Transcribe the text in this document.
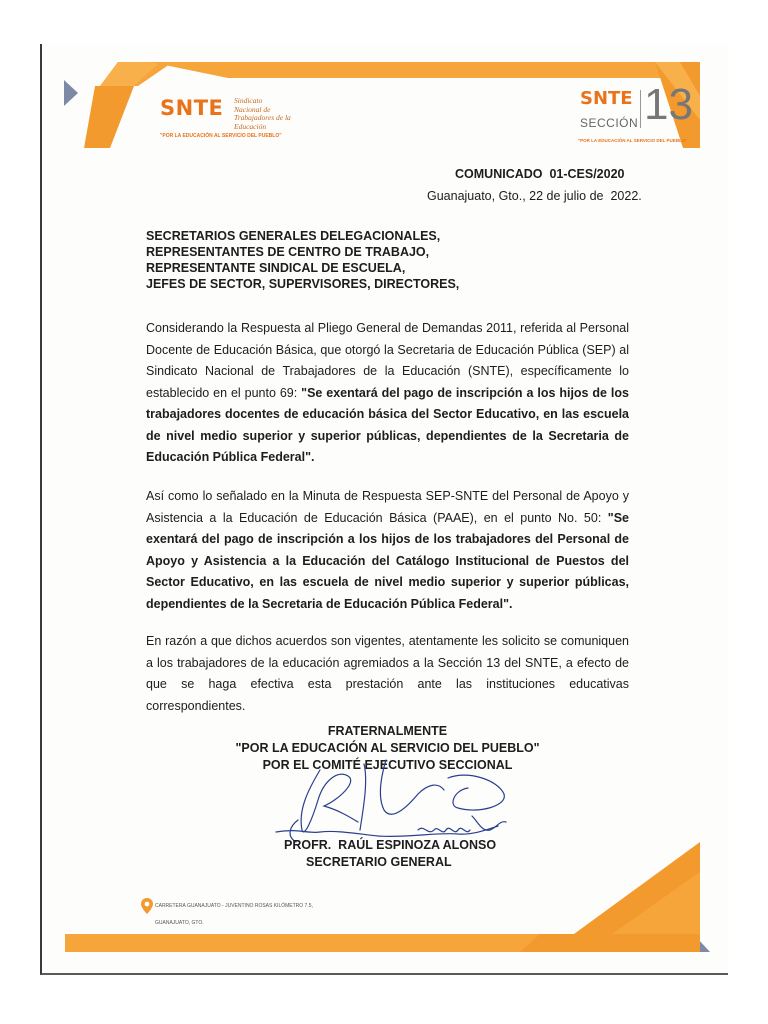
SNTE Sindicato
Nacional de
Trabajadores de la
Educación
"POR LA EDUCACIÓN AL SERVICIO DEL PUEBLO"
SNTE
SECCIÓN 13
"POR LA EDUCACIÓN AL SERVICIO DEL PUEBLO"
COMUNICADO  01-CES/2020
Guanajuato, Gto., 22 de julio de  2022.
SECRETARIOS GENERALES DELEGACIONALES,
REPRESENTANTES DE CENTRO DE TRABAJO,
REPRESENTANTE SINDICAL DE ESCUELA,
JEFES DE SECTOR, SUPERVISORES, DIRECTORES,
Considerando la Respuesta al Pliego General de Demandas 2011, referida al Personal Docente de Educación Básica, que otorgó la Secretaria de Educación Pública (SEP) al Sindicato Nacional de Trabajadores de la Educación (SNTE), específicamente lo establecido en el punto 69: "Se exentará del pago de inscripción a los hijos de los trabajadores docentes de educación básica del Sector Educativo, en las escuela de nivel medio superior y superior públicas, dependientes de la Secretaria de Educación Pública Federal".
Así como lo señalado en la Minuta de Respuesta SEP-SNTE del Personal de Apoyo y Asistencia a la Educación de Educación Básica (PAAE), en el punto No. 50: "Se exentará del pago de inscripción a los hijos de los trabajadores del Personal de Apoyo y Asistencia a la Educación del Catálogo Institucional de Puestos del Sector Educativo, en las escuela de nivel medio superior y superior públicas, dependientes de la Secretaria de Educación Pública Federal".
En razón a que dichos acuerdos son vigentes, atentamente les solicito se comuniquen a los trabajadores de la educación agremiados a la Sección 13 del SNTE, a efecto de que se haga efectiva esta prestación ante las instituciones educativas correspondientes.
FRATERNALMENTE
"POR LA EDUCACIÓN AL SERVICIO DEL PUEBLO"
POR EL COMITÉ EJECUTIVO SECCIONAL
PROFR.  RAÚL ESPINOZA ALONSO
SECRETARIO GENERAL
CARRETERA GUANAJUATO - JUVENTINO ROSAS KILÓMETRO 7.5,
GUANAJUATO, GTO.
